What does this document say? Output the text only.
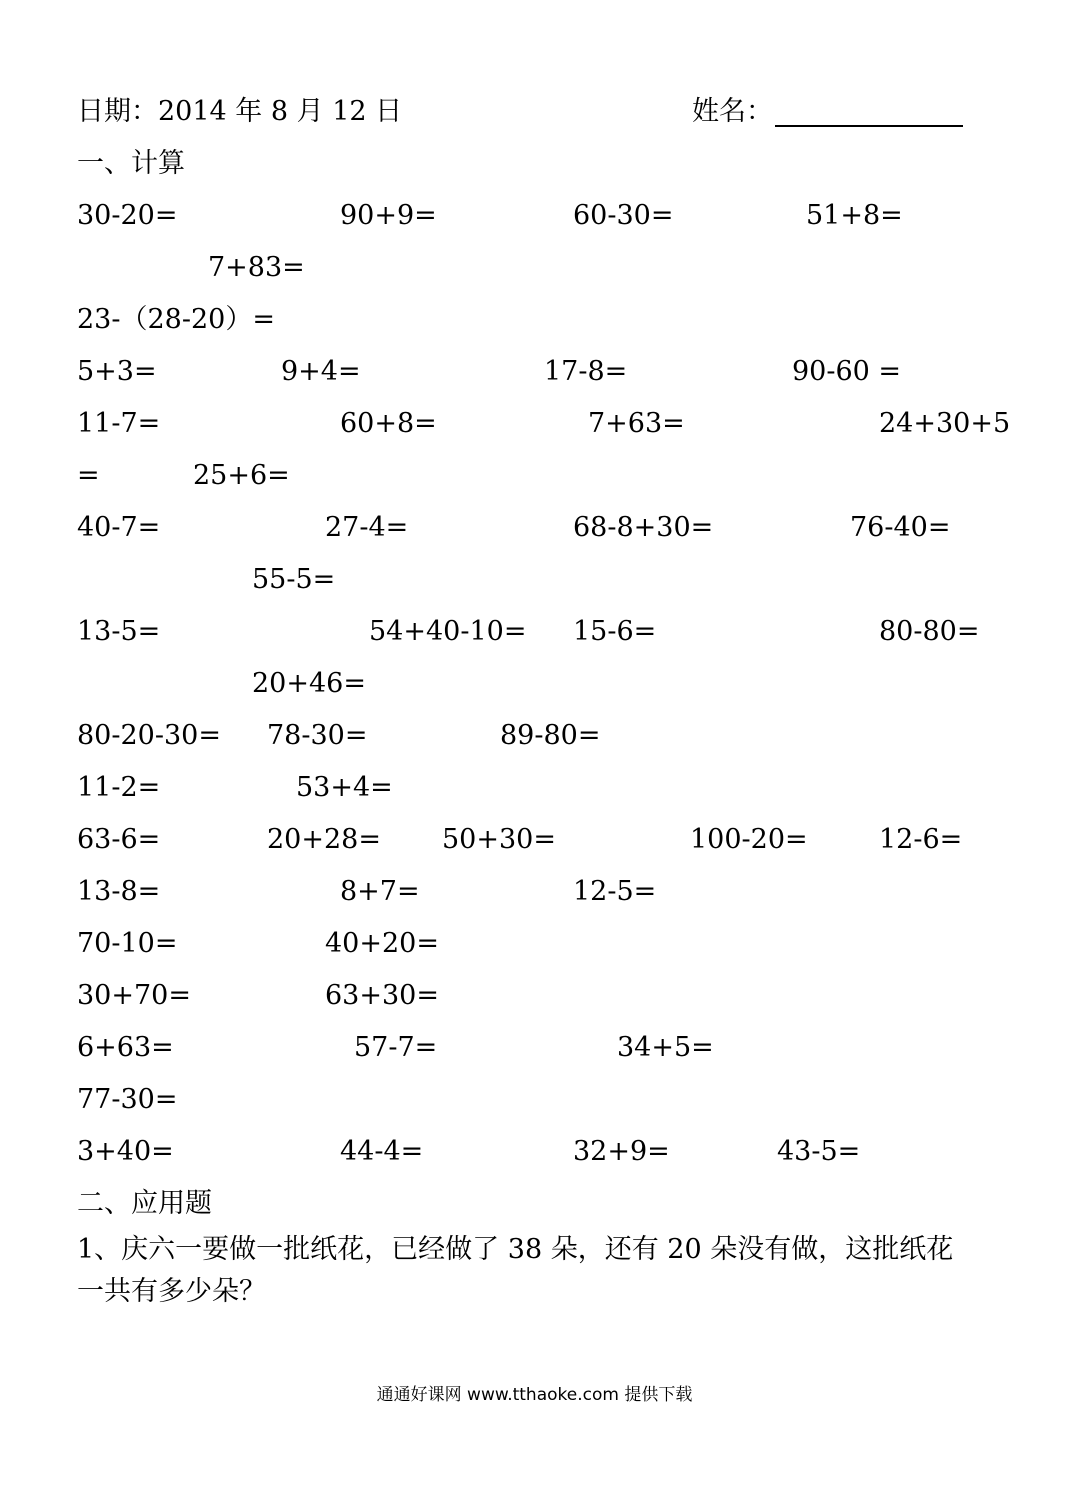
日期：2014 年 8 月 12 日	姓名：
一、计算
30-20=	90+9=	60-30=	51+8=
7+83=
23-（28-20）=
5+3=	9+4=	17-8=	90-60 =
11-7=	60+8=	7+63=	24+30+5
=	25+6=
40-7=	27-4=	68-8+30=	76-40=
55-5=
13-5=	54+40-10= 15-6=	80-80=
20+46=
80-20-30= 78-30=	89-80=
11-2=	53+4=
63-6=	20+28= 50+30=	100-20=	12-6=
13-8=	8+7=	12-5=
70-10=	40+20=
30+70=	63+30=
6+63=	57-7=	34+5=
77-30=
3+40=	44-4=	32+9=	43-5=
二、应用题
1、庆六一要做一批纸花，已经做了 38 朵，还有 20 朵没有做，这批纸花
一共有多少朵？
通通好课网 www.tthaoke.com 提供下载
